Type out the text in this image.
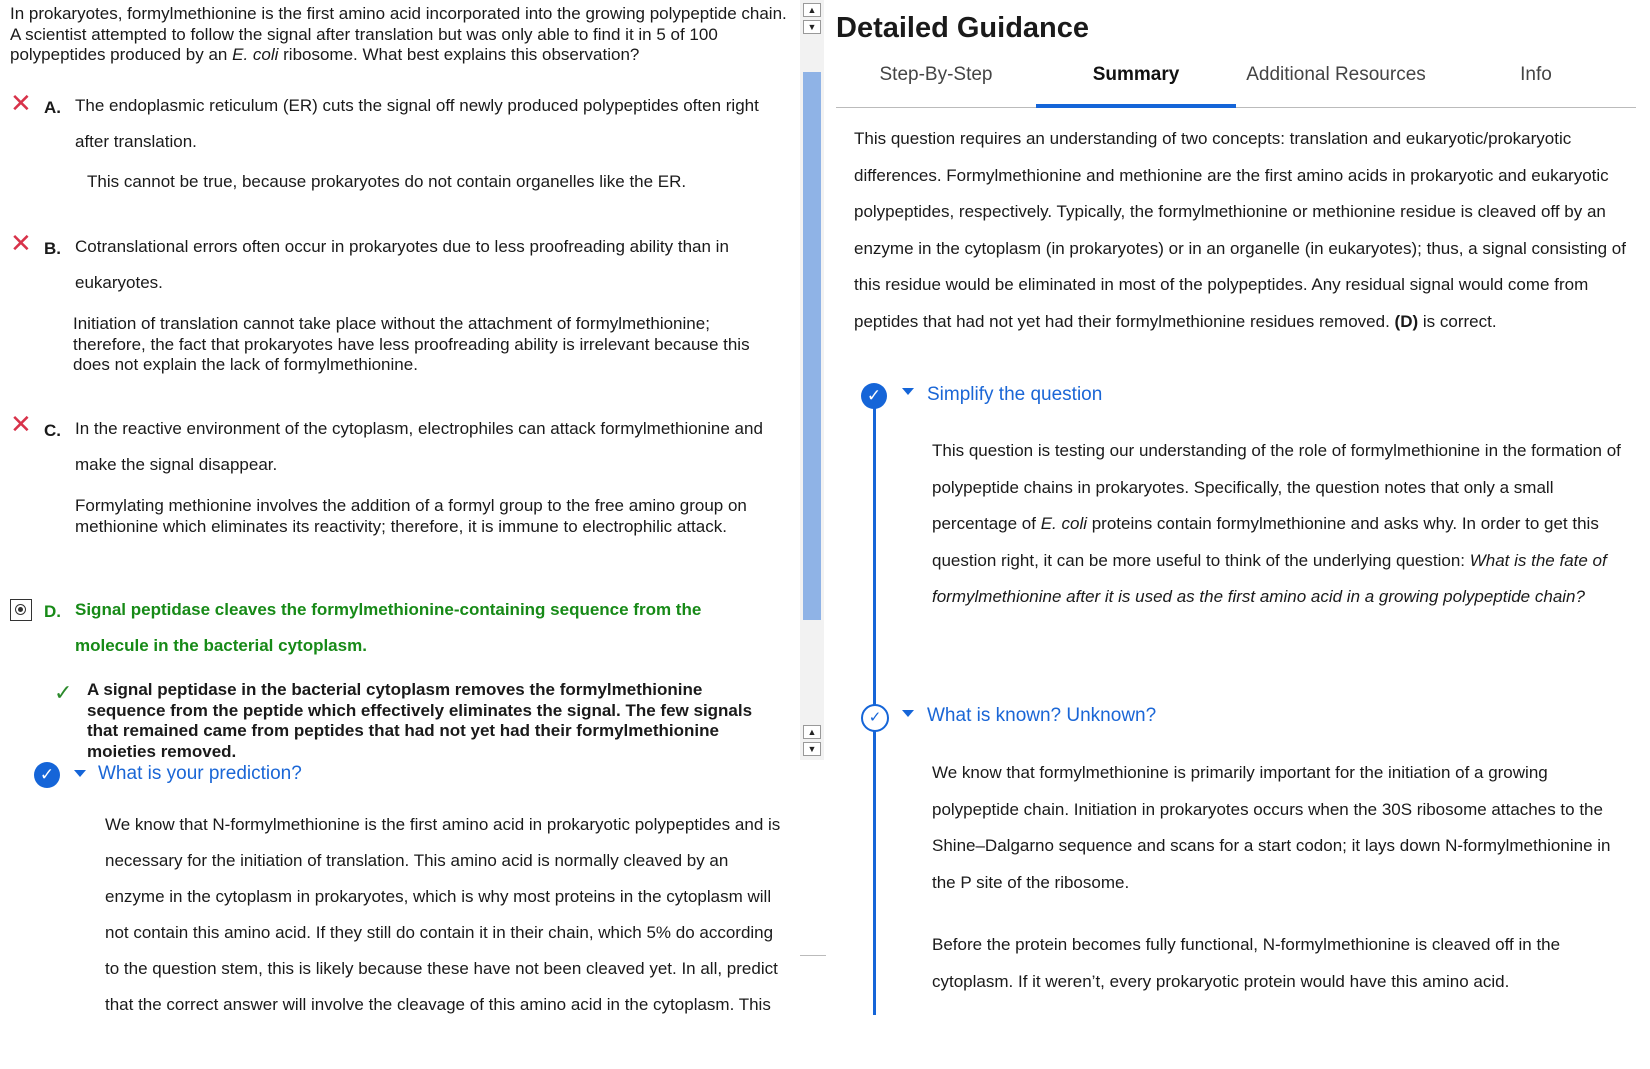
In prokaryotes, formylmethionine is the first amino acid incorporated into the growing polypeptide chain. A scientist attempted to follow the signal after translation but was only able to find it in 5 of 100 polypeptides produced by an E. coli ribosome. What best explains this observation?
✕ A. The endoplasmic reticulum (ER) cuts the signal off newly produced polypeptides often right after translation.
This cannot be true, because prokaryotes do not contain organelles like the ER.
✕ B. Cotranslational errors often occur in prokaryotes due to less proofreading ability than in eukaryotes.
Initiation of translation cannot take place without the attachment of formylmethionine; therefore, the fact that prokaryotes have less proofreading ability is irrelevant because this does not explain the lack of formylmethionine.
✕ C. In the reactive environment of the cytoplasm, electrophiles can attack formylmethionine and make the signal disappear.
Formylating methionine involves the addition of a formyl group to the free amino group on methionine which eliminates its reactivity; therefore, it is immune to electrophilic attack.
D. Signal peptidase cleaves the formylmethionine-containing sequence from the molecule in the bacterial cytoplasm.
✓ A signal peptidase in the bacterial cytoplasm removes the formylmethionine sequence from the peptide which effectively eliminates the signal. The few signals that remained came from peptides that had not yet had their formylmethionine moieties removed.
✓	What is your prediction?
We know that N-formylmethionine is the first amino acid in prokaryotic polypeptides and is necessary for the initiation of translation. This amino acid is normally cleaved by an enzyme in the cytoplasm in prokaryotes, which is why most proteins in the cytoplasm will not contain this amino acid. If they still do contain it in their chain, which 5% do according to the question stem, this is likely because these have not been cleaved yet. In all, predict that the correct answer will involve the cleavage of this amino acid in the cytoplasm. This
▲
▼
▲
▼
Detailed Guidance
Step-By-Step	Summary	Additional Resources	Info
This question requires an understanding of two concepts: translation and eukaryotic/prokaryotic differences. Formylmethionine and methionine are the first amino acids in prokaryotic and eukaryotic polypeptides, respectively. Typically, the formylmethionine or methionine residue is cleaved off by an enzyme in the cytoplasm (in prokaryotes) or in an organelle (in eukaryotes); thus, a signal consisting of this residue would be eliminated in most of the polypeptides. Any residual signal would come from peptides that had not yet had their formylmethionine residues removed. (D) is correct.
✓	Simplify the question
This question is testing our understanding of the role of formylmethionine in the formation of polypeptide chains in prokaryotes. Specifically, the question notes that only a small percentage of E. coli proteins contain formylmethionine and asks why. In order to get this question right, it can be more useful to think of the underlying question: What is the fate of formylmethionine after it is used as the first amino acid in a growing polypeptide chain?
✓	What is known? Unknown?
We know that formylmethionine is primarily important for the initiation of a growing polypeptide chain. Initiation in prokaryotes occurs when the 30S ribosome attaches to the Shine–Dalgarno sequence and scans for a start codon; it lays down N-formylmethionine in the P site of the ribosome.
Before the protein becomes fully functional, N-formylmethionine is cleaved off in the cytoplasm. If it weren’t, every prokaryotic protein would have this amino acid.
